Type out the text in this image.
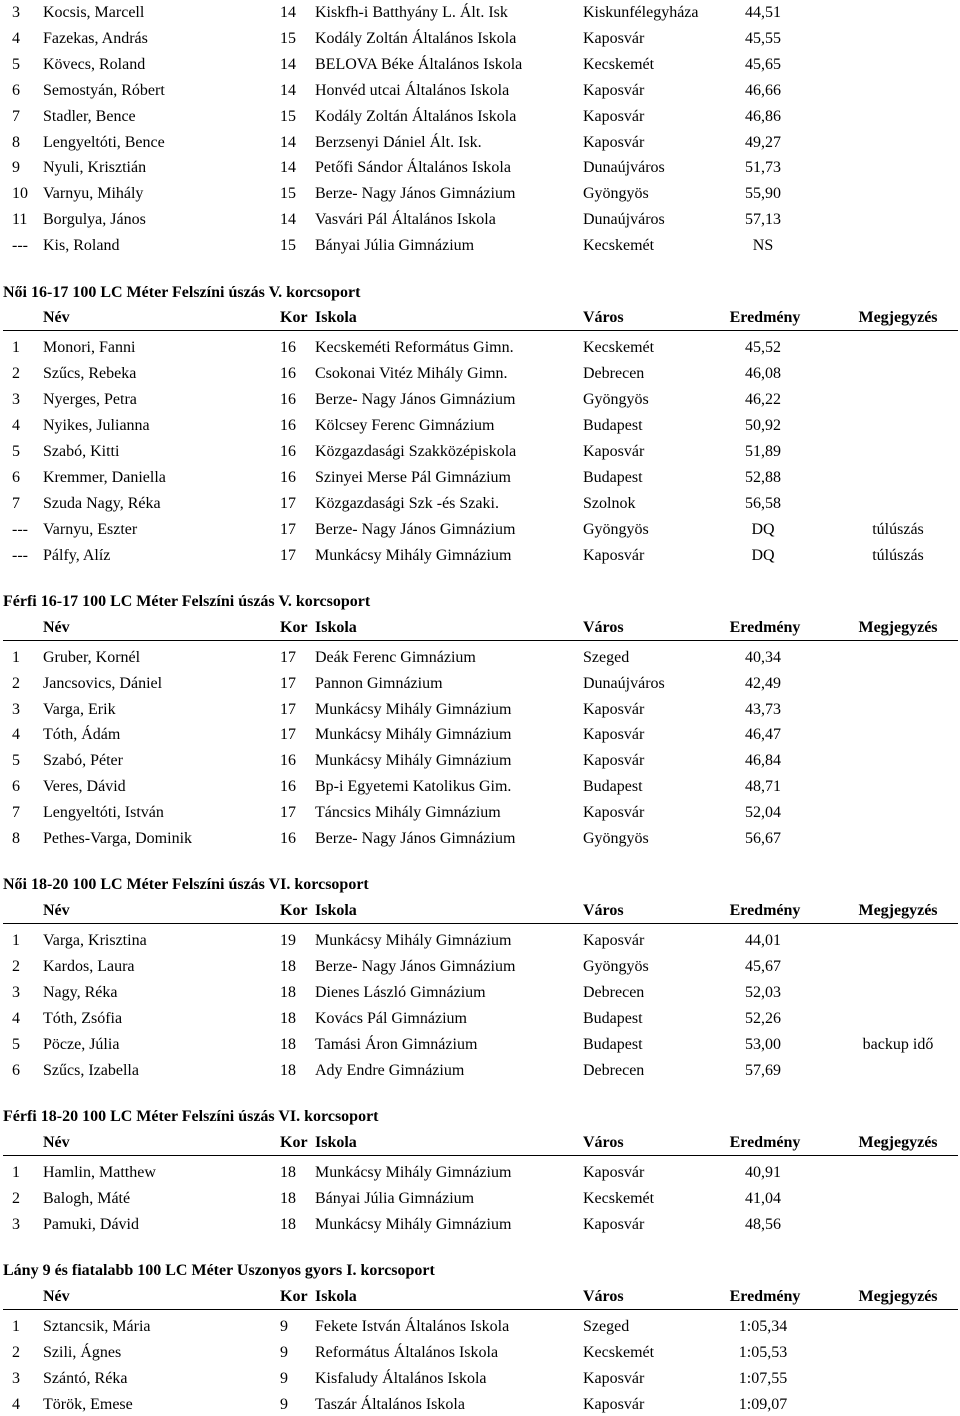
3 Kocsis, Marcell	14 Kiskfh-i Batthyány L. Ált. Isk	Kiskunfélegyháza	44,51
4 Fazekas, András	15 Kodály Zoltán Általános Iskola	Kaposvár	45,55
5 Kövecs, Roland	14 BELOVA Béke Általános Iskola	Kecskemét	45,65
6 Semostyán, Róbert	14 Honvéd utcai Általános Iskola	Kaposvár	46,66
7 Stadler, Bence	15 Kodály Zoltán Általános Iskola	Kaposvár	46,86
8 Lengyeltóti, Bence	14 Berzsenyi Dániel Ált. Isk.	Kaposvár	49,27
9 Nyuli, Krisztián	14 Petőfi Sándor Általános Iskola	Dunaújváros	51,73
10 Varnyu, Mihály	15 Berze- Nagy János Gimnázium	Gyöngyös	55,90
11 Borgulya, János	14 Vasvári Pál Általános Iskola	Dunaújváros	57,13
--- Kis, Roland	15 Bányai Júlia Gimnázium	Kecskemét	NS
Női 16-17 100 LC Méter Felszíni úszás V. korcsoport
Név	Kor Iskola	Város	Eredmény	Megjegyzés
1 Monori, Fanni	16 Kecskeméti Református Gimn.	Kecskemét	45,52
2 Szűcs, Rebeka	16 Csokonai Vitéz Mihály Gimn.	Debrecen	46,08
3 Nyerges, Petra	16 Berze- Nagy János Gimnázium	Gyöngyös	46,22
4 Nyikes, Julianna	16 Kölcsey Ferenc Gimnázium	Budapest	50,92
5 Szabó, Kitti	16 Közgazdasági Szakközépiskola	Kaposvár	51,89
6 Kremmer, Daniella	16 Szinyei Merse Pál Gimnázium	Budapest	52,88
7 Szuda Nagy, Réka	17 Közgazdasági Szk -és Szaki.	Szolnok	56,58
--- Varnyu, Eszter	17 Berze- Nagy János Gimnázium	Gyöngyös	DQ	túlúszás
--- Pálfy, Alíz	17 Munkácsy Mihály Gimnázium	Kaposvár	DQ	túlúszás
Férfi 16-17 100 LC Méter Felszíni úszás V. korcsoport
Név	Kor Iskola	Város	Eredmény	Megjegyzés
1 Gruber, Kornél	17 Deák Ferenc Gimnázium	Szeged	40,34
2 Jancsovics, Dániel	17 Pannon Gimnázium	Dunaújváros	42,49
3 Varga, Erik	17 Munkácsy Mihály Gimnázium	Kaposvár	43,73
4 Tóth, Ádám	17 Munkácsy Mihály Gimnázium	Kaposvár	46,47
5 Szabó, Péter	16 Munkácsy Mihály Gimnázium	Kaposvár	46,84
6 Veres, Dávid	16 Bp-i Egyetemi Katolikus Gim.	Budapest	48,71
7 Lengyeltóti, István	17 Táncsics Mihály Gimnázium	Kaposvár	52,04
8 Pethes-Varga, Dominik	16 Berze- Nagy János Gimnázium	Gyöngyös	56,67
Női 18-20 100 LC Méter Felszíni úszás VI. korcsoport
Név	Kor Iskola	Város	Eredmény	Megjegyzés
1 Varga, Krisztina	19 Munkácsy Mihály Gimnázium	Kaposvár	44,01
2 Kardos, Laura	18 Berze- Nagy János Gimnázium	Gyöngyös	45,67
3 Nagy, Réka	18 Dienes László Gimnázium	Debrecen	52,03
4 Tóth, Zsófia	18 Kovács Pál Gimnázium	Budapest	52,26
5 Pöcze, Júlia	18 Tamási Áron Gimnázium	Budapest	53,00	backup idő
6 Szűcs, Izabella	18 Ady Endre Gimnázium	Debrecen	57,69
Férfi 18-20 100 LC Méter Felszíni úszás VI. korcsoport
Név	Kor Iskola	Város	Eredmény	Megjegyzés
1 Hamlin, Matthew	18 Munkácsy Mihály Gimnázium	Kaposvár	40,91
2 Balogh, Máté	18 Bányai Júlia Gimnázium	Kecskemét	41,04
3 Pamuki, Dávid	18 Munkácsy Mihály Gimnázium	Kaposvár	48,56
Lány 9 és fiatalabb 100 LC Méter Uszonyos gyors I. korcsoport
Név	Kor Iskola	Város	Eredmény	Megjegyzés
1 Sztancsik, Mária	9 Fekete István Általános Iskola	Szeged	1:05,34
2 Szili, Ágnes	9 Református Általános Iskola	Kecskemét	1:05,53
3 Szántó, Réka	9 Kisfaludy Általános Iskola	Kaposvár	1:07,55
4 Török, Emese	9 Taszár Általános Iskola	Kaposvár	1:09,07
